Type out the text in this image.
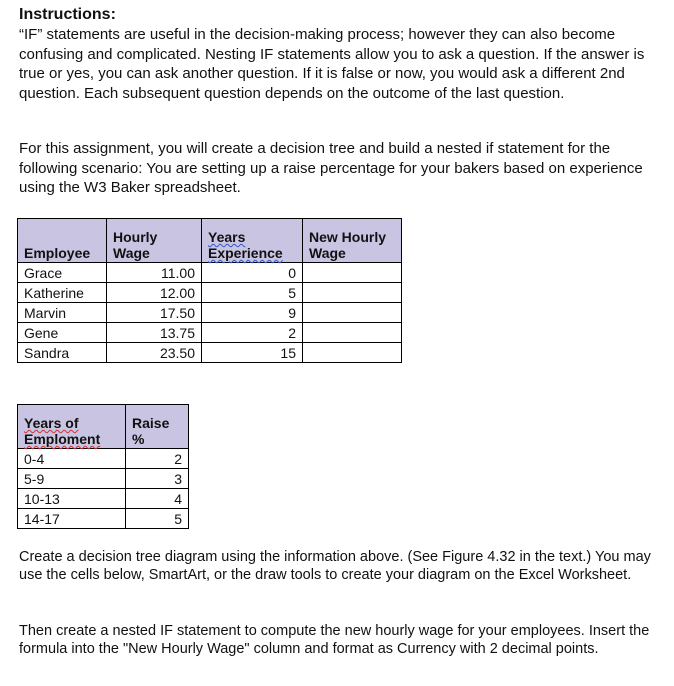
Instructions:
“IF” statements are useful in the decision-making process; however they can also become confusing and complicated. Nesting IF statements allow you to ask a question. If the answer is true or yes, you can ask another question. If it is false or now, you would ask a different 2nd question. Each subsequent question depends on the outcome of the last question.
For this assignment, you will create a decision tree and build a nested if statement for the following scenario: You are setting up a raise percentage for your bakers based on experience using the W3 Baker spreadsheet.
Employee	Hourly Wage	Years Experience	New Hourly Wage
Grace	11.00	0	
Katherine	12.00	5	
Marvin	17.50	9	
Gene	13.75	2	
Sandra	23.50	15	
Years of Emploment	Raise %
0-4	2
5-9	3
10-13	4
14-17	5
Create a decision tree diagram using the information above. (See Figure 4.32 in the text.) You may use the cells below, SmartArt, or the draw tools to create your diagram on the Excel Worksheet.
Then create a nested IF statement to compute the new hourly wage for your employees. Insert the formula into the "New Hourly Wage" column and format as Currency with 2 decimal points.
